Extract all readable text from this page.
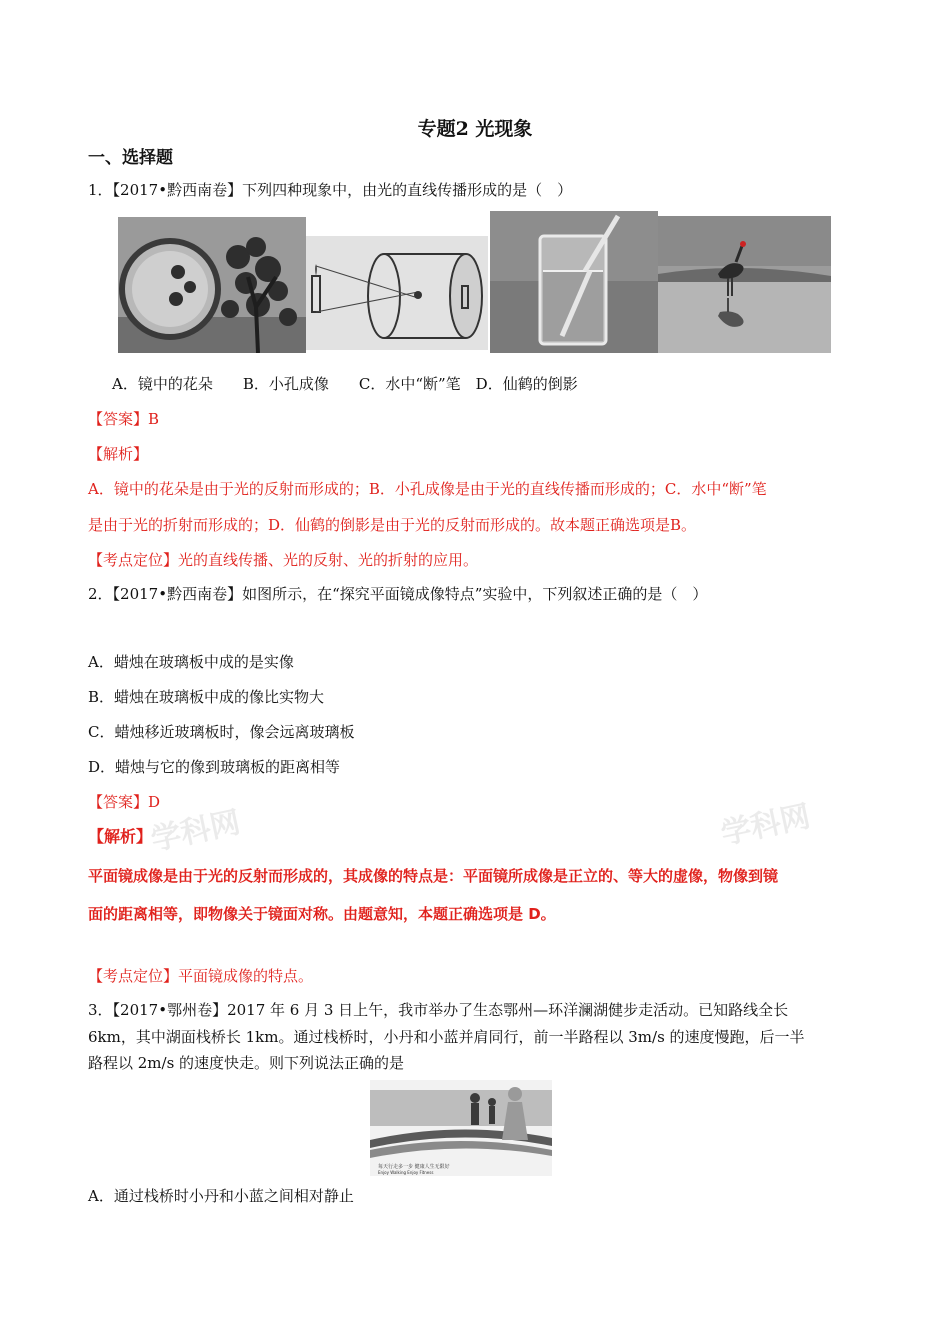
专题2 光现象
一、选择题
1．【2017•黔西南卷】下列四种现象中，由光的直线传播形成的是（　）
A．镜中的花朵　　B．小孔成像　　C．水中“断”笔　D．仙鹤的倒影
【答案】B
【解析】
A．镜中的花朵是由于光的反射而形成的；B．小孔成像是由于光的直线传播而形成的；C．水中“断”笔
是由于光的折射而形成的；D．仙鹤的倒影是由于光的反射而形成的。故本题正确选项是B。
【考点定位】光的直线传播、光的反射、光的折射的应用。
2．【2017•黔西南卷】如图所示，在“探究平面镜成像特点”实验中，下列叙述正确的是（　）
A．蜡烛在玻璃板中成的是实像
B．蜡烛在玻璃板中成的像比实物大
C．蜡烛移近玻璃板时，像会远离玻璃板
D．蜡烛与它的像到玻璃板的距离相等
【答案】D
学科网	学科网
【解析】
平面镜成像是由于光的反射而形成的，其成像的特点是：平面镜所成像是正立的、等大的虚像，物像到镜
面的距离相等，即物像关于镜面对称。由题意知，本题正确选项是 D。
【考点定位】平面镜成像的特点。
3．【2017•鄂州卷】2017 年 6 月 3 日上午，我市举办了生态鄂州—环洋澜湖健步走活动。已知路线全长
6km，其中湖面栈桥长 1km。通过栈桥时，小丹和小蓝并肩同行，前一半路程以 3m/s 的速度慢跑，后一半
路程以 2m/s 的速度快走。则下列说法正确的是
每天行走多一步 健康人生无限好
Enjoy Walking Enjoy Fitness
A．通过栈桥时小丹和小蓝之间相对静止
